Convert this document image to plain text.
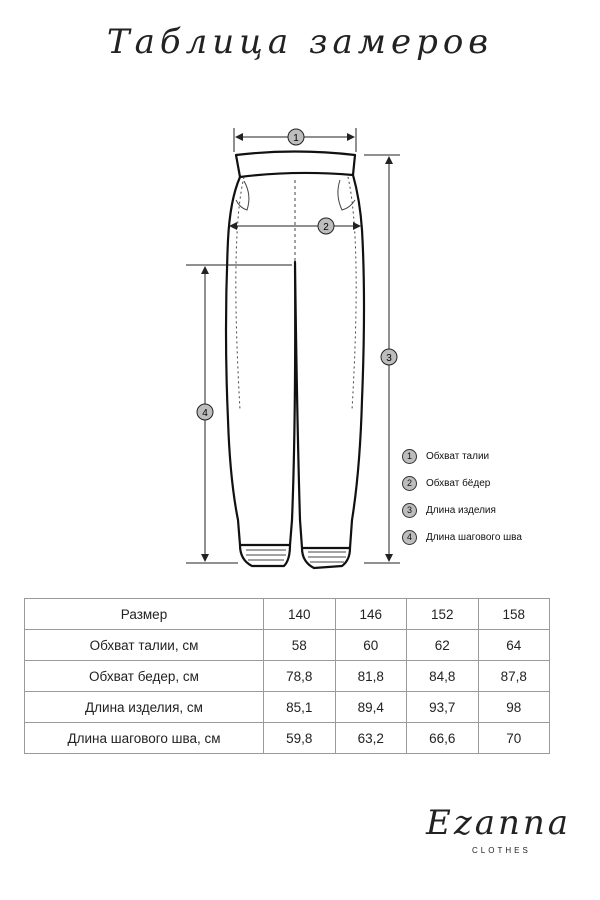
Таблица замеров
1
2
3
4
1	Обхват талии
2	Обхват бёдер
3	Длина изделия
4	Длина шагового шва
Размер	140	146	152	158
Обхват талии, см	58	60	62	64
Обхват бедер, см	78,8	81,8	84,8	87,8
Длина изделия, см	85,1	89,4	93,7	98
Длина шагового шва, см	59,8	63,2	66,6	70
Ezanna
CLOTHES
